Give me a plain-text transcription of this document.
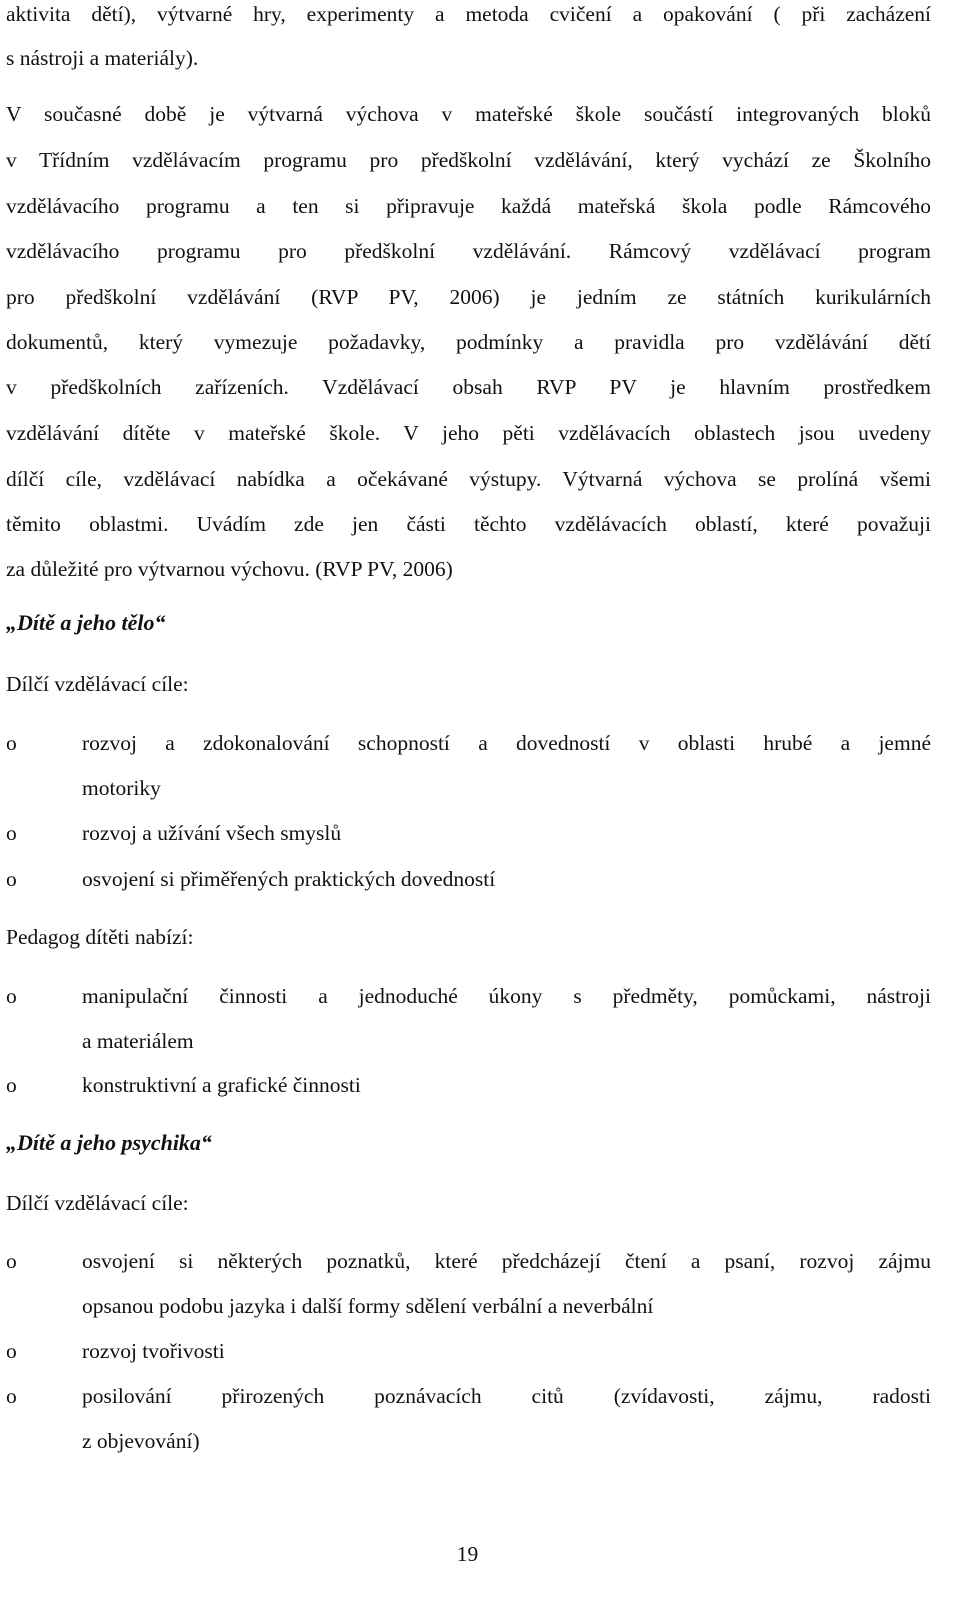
aktivita dětí), výtvarné hry, experimenty a metoda cvičení a opakování ( při zacházení
s nástroji a materiály).
V současné době je výtvarná výchova v mateřské škole součástí integrovaných bloků
v Třídním vzdělávacím programu pro předškolní vzdělávání, který vychází ze Školního
vzdělávacího programu a ten si připravuje každá mateřská škola podle Rámcového
vzdělávacího programu pro předškolní vzdělávání. Rámcový vzdělávací program
pro předškolní vzdělávání (RVP PV, 2006) je jedním ze státních kurikulárních
dokumentů, který vymezuje požadavky, podmínky a pravidla pro vzdělávání dětí
v předškolních zařízeních. Vzdělávací obsah RVP PV je hlavním prostředkem
vzdělávání dítěte v mateřské škole. V jeho pěti vzdělávacích oblastech jsou uvedeny
dílčí cíle, vzdělávací nabídka a očekávané výstupy. Výtvarná výchova se prolíná všemi
těmito oblastmi. Uvádím zde jen části těchto vzdělávacích oblastí, které považuji
za důležité pro výtvarnou výchovu. (RVP PV, 2006)
„Dítě a jeho tělo“
Dílčí vzdělávací cíle:
o	rozvoj a zdokonalování schopností a dovedností v oblasti hrubé a jemné
motoriky
o	rozvoj a užívání všech smyslů
o	osvojení si přiměřených praktických dovedností
Pedagog dítěti nabízí:
o	manipulační činnosti a jednoduché úkony s předměty, pomůckami, nástroji
a materiálem
o	konstruktivní a grafické činnosti
„Dítě a jeho psychika“
Dílčí vzdělávací cíle:
o	osvojení si některých poznatků, které předcházejí čtení a psaní, rozvoj zájmu
opsanou podobu jazyka i další formy sdělení verbální a neverbální
o	rozvoj tvořivosti
o	posilování přirozených poznávacích citů (zvídavosti, zájmu, radosti
z objevování)
19
